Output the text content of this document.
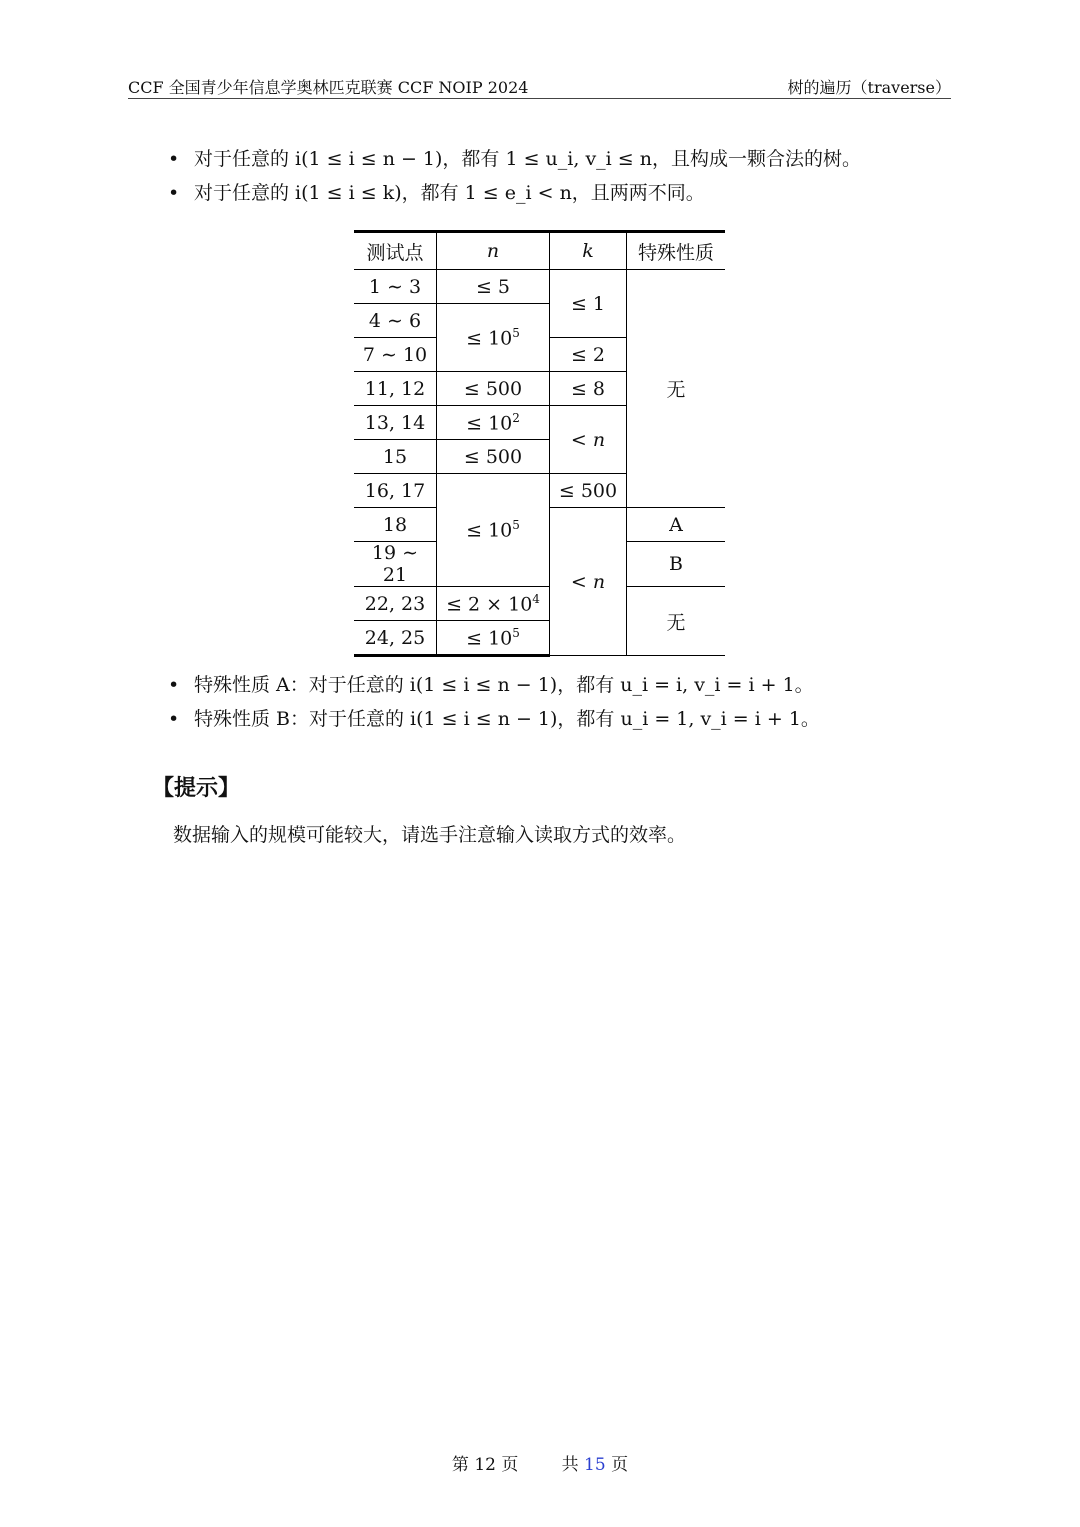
CCF 全国青少年信息学奥林匹克联赛 CCF NOIP 2024	树的遍历（traverse）
• 对于任意的 i(1 ≤ i ≤ n − 1)，都有 1 ≤ u_i, v_i ≤ n，且构成一颗合法的树。
• 对于任意的 i(1 ≤ i ≤ k)，都有 1 ≤ e_i < n，且两两不同。
测试点	n	k	特殊性质
1 ∼ 3	≤ 5	≤ 1	无
4 ∼ 6	≤ $10^5$
7 ∼ 10		≤ 2	
11, 12	≤ 500	≤ 8	
13, 14	≤ $10^2$	< n	
15	≤ 500		
16, 17	≤ $10^5$	≤ 500	
18		< n	A
19 ∼ 21			B
22, 23	≤ $2 \times 10^4$		无
24, 25	≤ $10^5$
• 特殊性质 A：对于任意的 i(1 ≤ i ≤ n − 1)，都有 u_i = i, v_i = i + 1。
• 特殊性质 B：对于任意的 i(1 ≤ i ≤ n − 1)，都有 u_i = 1, v_i = i + 1。
【提示】
数据输入的规模可能较大，请选手注意输入读取方式的效率。
第 12 页	共 15 页
